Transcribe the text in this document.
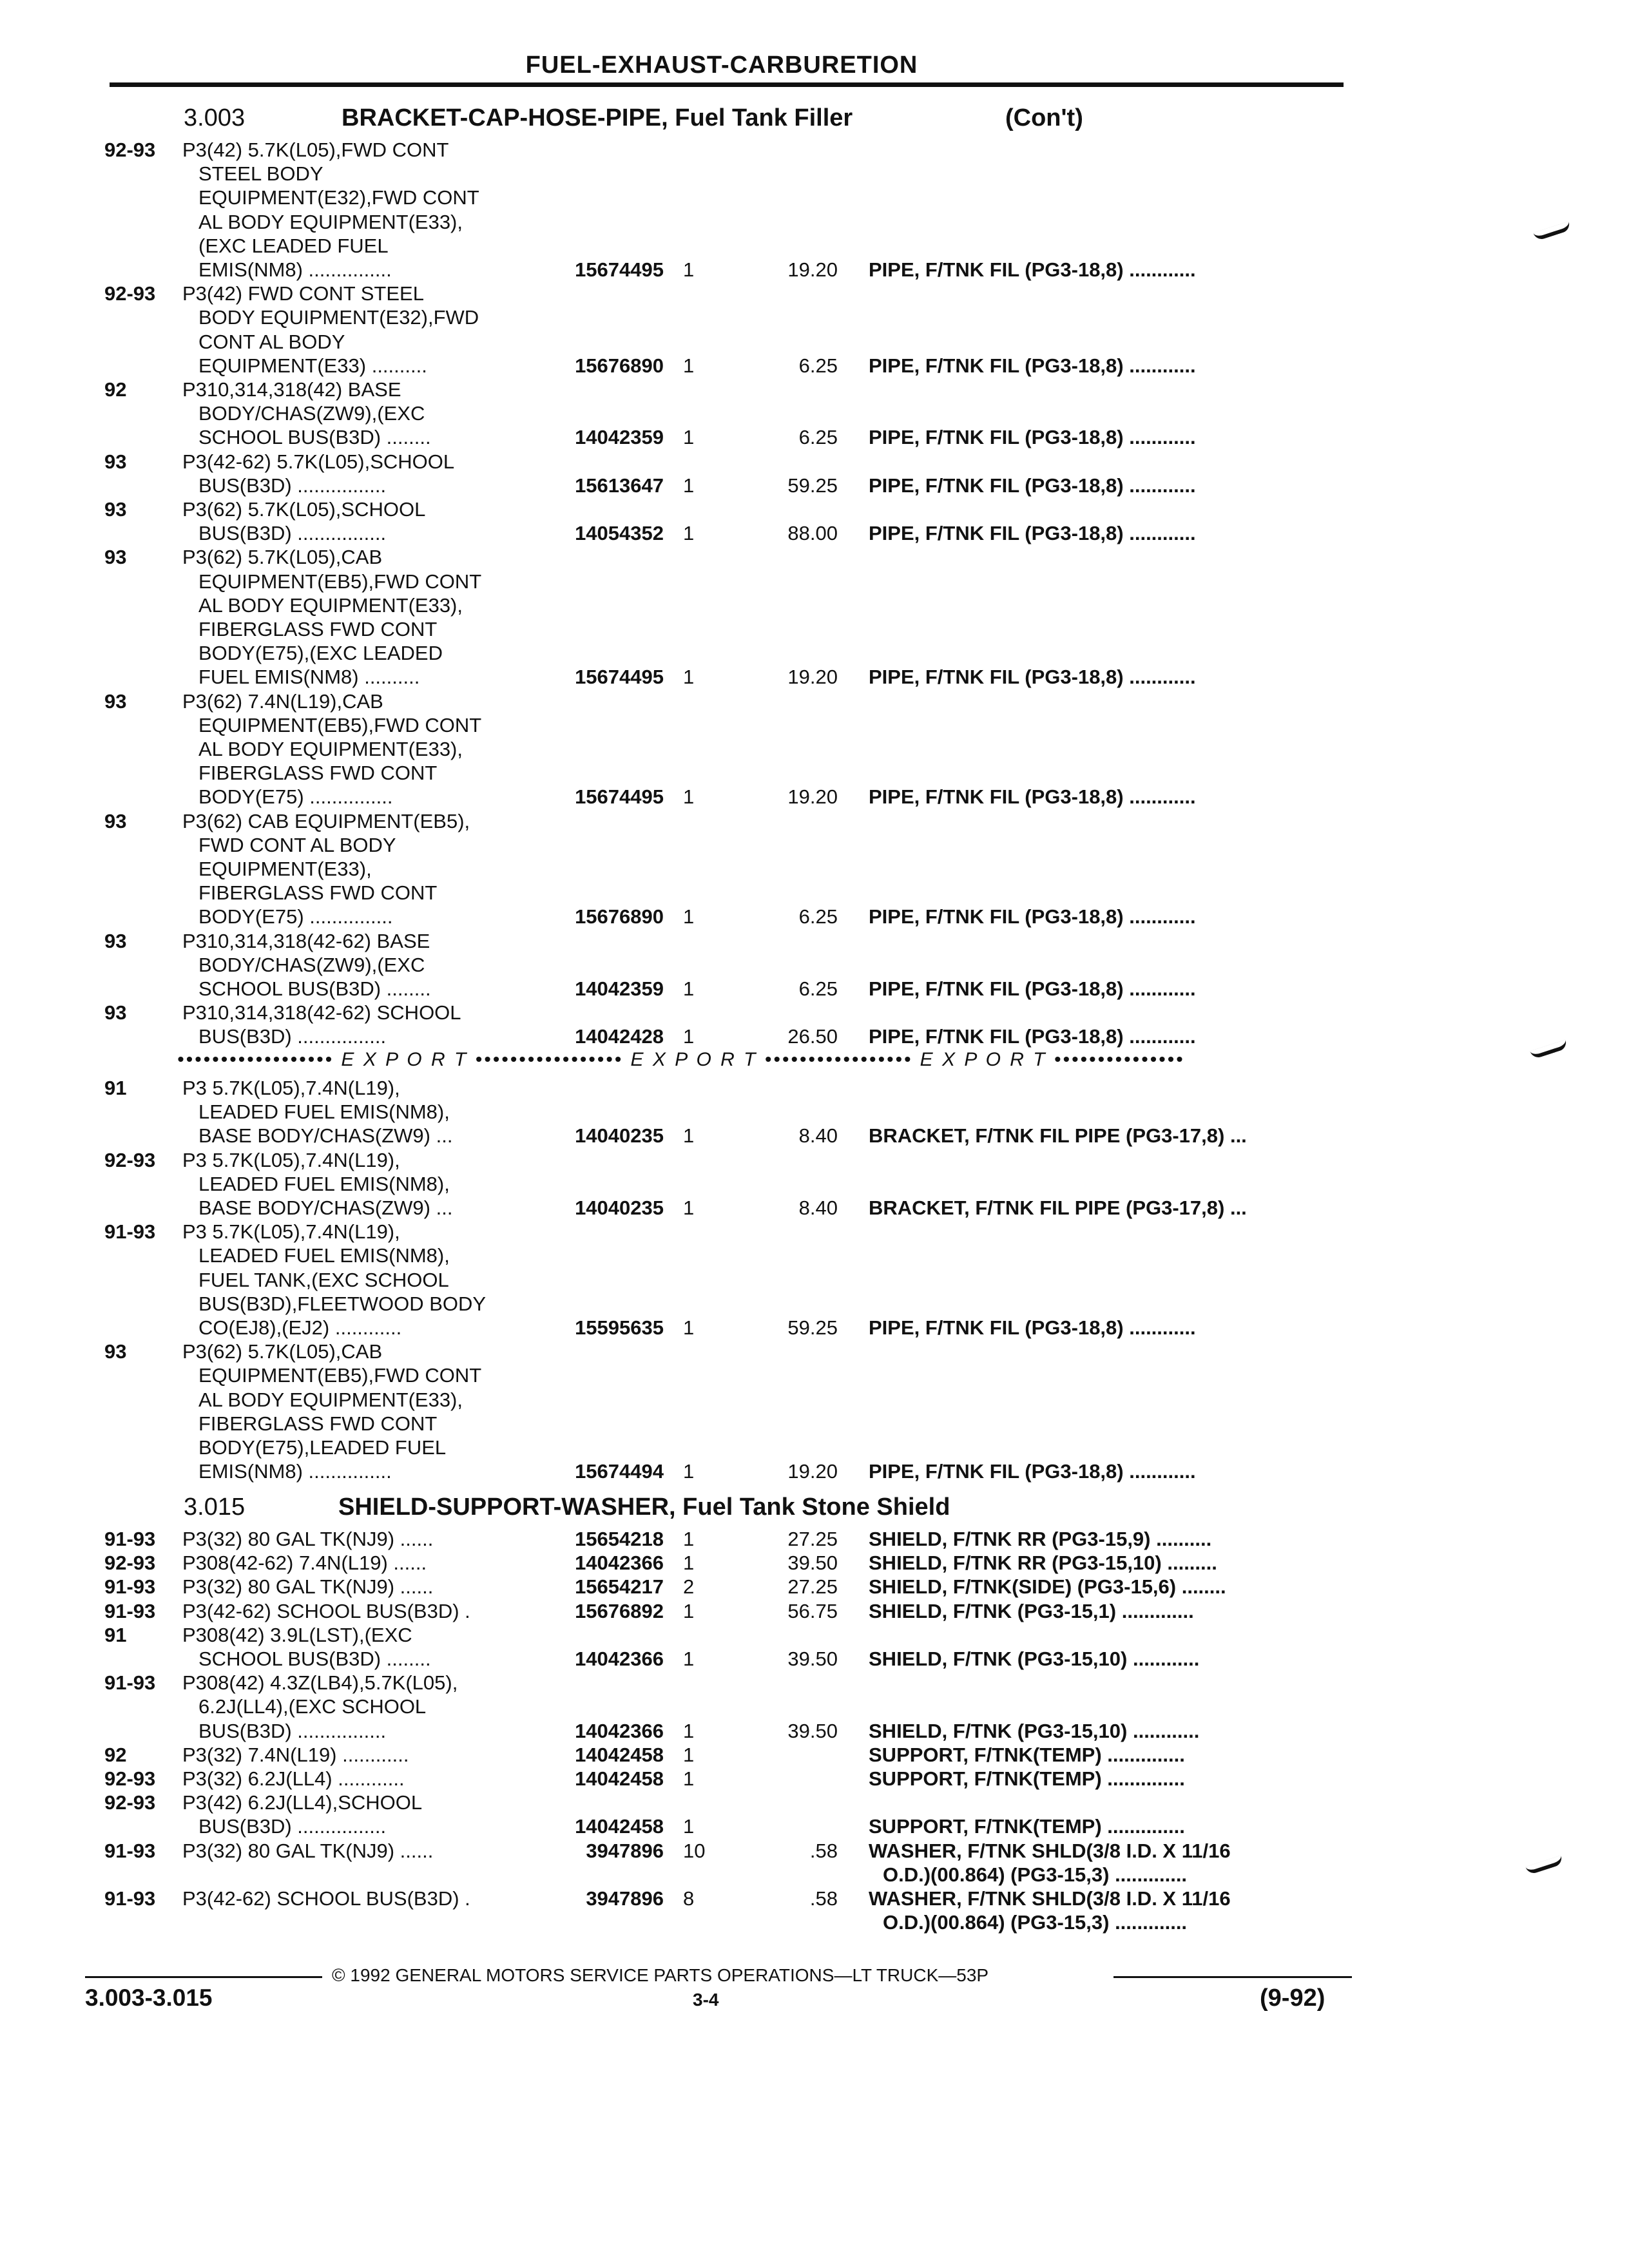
FUEL-EXHAUST-CARBURETION
3.003	BRACKET-CAP-HOSE-PIPE, Fuel Tank Filler	(Con't)
92-93 P3(42) 5.7K(L05),FWD CONT
STEEL BODY
EQUIPMENT(E32),FWD CONT
AL BODY EQUIPMENT(E33),
(EXC LEADED FUEL
EMIS(NM8) ...............	15674495 1	19.20 PIPE, F/TNK FIL (PG3-18,8) ............
92-93 P3(42) FWD CONT STEEL
BODY EQUIPMENT(E32),FWD
CONT AL BODY
EQUIPMENT(E33) ..........	15676890 1	6.25 PIPE, F/TNK FIL (PG3-18,8) ............
92	P310,314,318(42) BASE
BODY/CHAS(ZW9),(EXC
SCHOOL BUS(B3D) ........	14042359 1	6.25 PIPE, F/TNK FIL (PG3-18,8) ............
93	P3(42-62) 5.7K(L05),SCHOOL
BUS(B3D) ................	15613647 1	59.25 PIPE, F/TNK FIL (PG3-18,8) ............
93	P3(62) 5.7K(L05),SCHOOL
BUS(B3D) ................	14054352 1	88.00 PIPE, F/TNK FIL (PG3-18,8) ............
93	P3(62) 5.7K(L05),CAB
EQUIPMENT(EB5),FWD CONT
AL BODY EQUIPMENT(E33),
FIBERGLASS FWD CONT
BODY(E75),(EXC LEADED
FUEL EMIS(NM8) ..........	15674495 1	19.20 PIPE, F/TNK FIL (PG3-18,8) ............
93	P3(62) 7.4N(L19),CAB
EQUIPMENT(EB5),FWD CONT
AL BODY EQUIPMENT(E33),
FIBERGLASS FWD CONT
BODY(E75) ...............	15674495 1	19.20 PIPE, F/TNK FIL (PG3-18,8) ............
93	P3(62) CAB EQUIPMENT(EB5),
FWD CONT AL BODY
EQUIPMENT(E33),
FIBERGLASS FWD CONT
BODY(E75) ...............	15676890 1	6.25 PIPE, F/TNK FIL (PG3-18,8) ............
93	P310,314,318(42-62) BASE
BODY/CHAS(ZW9),(EXC
SCHOOL BUS(B3D) ........	14042359 1	6.25 PIPE, F/TNK FIL (PG3-18,8) ............
93	P310,314,318(42-62) SCHOOL
BUS(B3D) ................	14042428 1	26.50 PIPE, F/TNK FIL (PG3-18,8) ............
•••••••••••••••••• E X P O R T ••••••••••••••••• E X P O R T ••••••••••••••••• E X P O R T •••••••••••••••
91	P3 5.7K(L05),7.4N(L19),
LEADED FUEL EMIS(NM8),
BASE BODY/CHAS(ZW9) ...	14040235 1	8.40 BRACKET, F/TNK FIL PIPE (PG3-17,8) ...
92-93 P3 5.7K(L05),7.4N(L19),
LEADED FUEL EMIS(NM8),
BASE BODY/CHAS(ZW9) ...	14040235 1	8.40 BRACKET, F/TNK FIL PIPE (PG3-17,8) ...
91-93 P3 5.7K(L05),7.4N(L19),
LEADED FUEL EMIS(NM8),
FUEL TANK,(EXC SCHOOL
BUS(B3D),FLEETWOOD BODY
CO(EJ8),(EJ2) ............	15595635 1	59.25 PIPE, F/TNK FIL (PG3-18,8) ............
93	P3(62) 5.7K(L05),CAB
EQUIPMENT(EB5),FWD CONT
AL BODY EQUIPMENT(E33),
FIBERGLASS FWD CONT
BODY(E75),LEADED FUEL
EMIS(NM8) ...............	15674494 1	19.20 PIPE, F/TNK FIL (PG3-18,8) ............
3.015	SHIELD-SUPPORT-WASHER, Fuel Tank Stone Shield
91-93 P3(32) 80 GAL TK(NJ9) ......	15654218 1	27.25 SHIELD, F/TNK RR (PG3-15,9) ..........
92-93 P308(42-62) 7.4N(L19) ......	14042366 1	39.50 SHIELD, F/TNK RR (PG3-15,10) .........
91-93 P3(32) 80 GAL TK(NJ9) ......	15654217 2	27.25 SHIELD, F/TNK(SIDE) (PG3-15,6) ........
91-93 P3(42-62) SCHOOL BUS(B3D) .	15676892 1	56.75 SHIELD, F/TNK (PG3-15,1) .............
91	P308(42) 3.9L(LST),(EXC
SCHOOL BUS(B3D) ........	14042366 1	39.50 SHIELD, F/TNK (PG3-15,10) ............
91-93 P308(42) 4.3Z(LB4),5.7K(L05),
6.2J(LL4),(EXC SCHOOL
BUS(B3D) ................	14042366 1	39.50 SHIELD, F/TNK (PG3-15,10) ............
92	P3(32) 7.4N(L19) ............	14042458 1	SUPPORT, F/TNK(TEMP) ..............
92-93 P3(32) 6.2J(LL4) ............	14042458 1	SUPPORT, F/TNK(TEMP) ..............
92-93 P3(42) 6.2J(LL4),SCHOOL
BUS(B3D) ................	14042458 1	SUPPORT, F/TNK(TEMP) ..............
91-93 P3(32) 80 GAL TK(NJ9) ......	3947896 10	.58 WASHER, F/TNK SHLD(3/8 I.D. X 11/16
O.D.)(00.864) (PG3-15,3) .............
91-93 P3(42-62) SCHOOL BUS(B3D) .	3947896 8	.58 WASHER, F/TNK SHLD(3/8 I.D. X 11/16
O.D.)(00.864) (PG3-15,3) .............
© 1992 GENERAL MOTORS SERVICE PARTS OPERATIONS—LT TRUCK—53P
3.003-3.015	3-4	(9-92)
